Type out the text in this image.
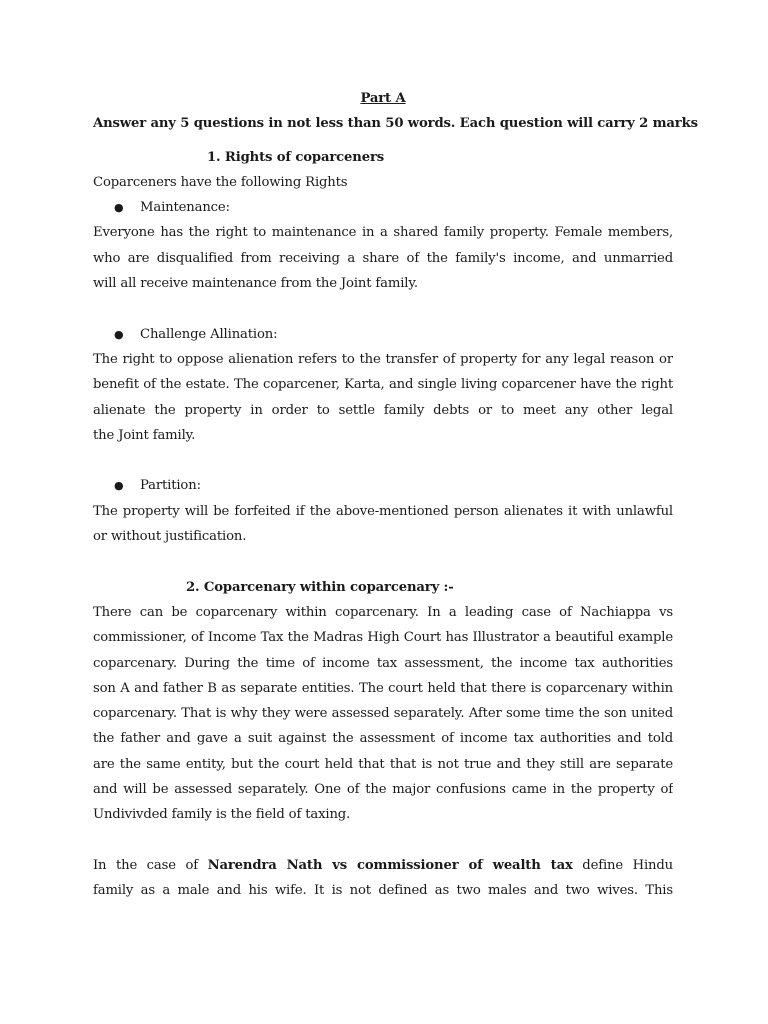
Part A
Answer any 5 questions in not less than 50 words. Each question will carry 2 marks
1. Rights of coparceners
Coparceners have the following Rights
● Maintenance:
Everyone has the right to maintenance in a shared family property. Female members,
who are disqualified from receiving a share of the family's income, and unmarried
will all receive maintenance from the Joint family.
● Challenge Allination:
The right to oppose alienation refers to the transfer of property for any legal reason or
benefit of the estate. The coparcener, Karta, and single living coparcener have the right
alienate the property in order to settle family debts or to meet any other legal
the Joint family.
● Partition:
The property will be forfeited if the above-mentioned person alienates it with unlawful
or without justification.
2. Coparcenary within coparcenary :-
There can be coparcenary within coparcenary. In a leading case of Nachiappa vs
commissioner, of Income Tax the Madras High Court has Illustrator a beautiful example
coparcenary. During the time of income tax assessment, the income tax authorities
son A and father B as separate entities. The court held that there is coparcenary within
coparcenary. That is why they were assessed separately. After some time the son united
the father and gave a suit against the assessment of income tax authorities and told
are the same entity, but the court held that that is not true and they still are separate
and will be assessed separately. One of the major confusions came in the property of
Undivivded family is the field of taxing.
In the case of Narendra Nath vs commissioner of wealth tax define Hindu
family as a male and his wife. It is not defined as two males and two wives. This
